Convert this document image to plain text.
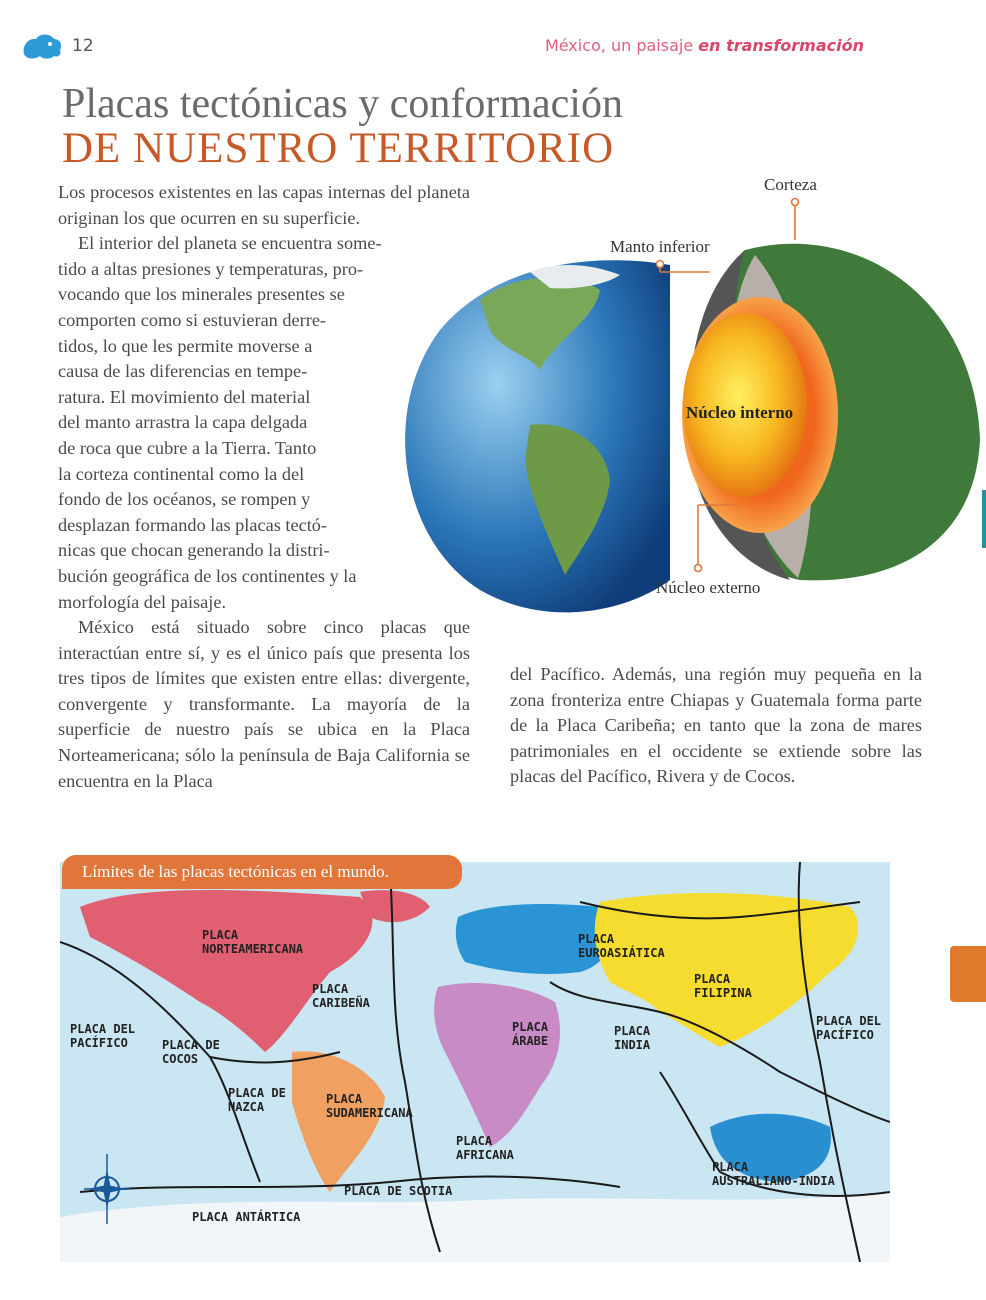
12	México, un paisaje en transformación
Placas tectónicas y conformación
DE NUESTRO TERRITORIO

Los procesos existentes en las capas internas del planeta originan los que ocurren en su superficie.

El interior del planeta se encuentra some-
tido a altas presiones y temperaturas, pro-
vocando que los minerales presentes se
comporten como si estuvieran derre-
tidos, lo que les permite moverse a
causa de las diferencias en tempe-
ratura. El movimiento del material
del manto arrastra la capa delgada
de roca que cubre a la Tierra. Tanto
la corteza continental como la del
fondo de los océanos, se rompen y
desplazan formando las placas tectó-
nicas que chocan generando la distri-
bución geográfica de los continentes y la
morfología del paisaje.

México está situado sobre cinco placas que interactúan entre sí, y es el único país que presenta los tres tipos de límites que existen entre ellas: divergente, convergente y transformante. La mayoría de la superficie de nuestro país se ubica en la Placa Norteamericana; sólo la península de Baja California se encuentra en la Placa

del Pacífico. Además, una región muy pequeña en la zona fronteriza entre Chiapas y Guatemala forma parte de la Placa Caribeña; en tanto que la zona de mares patrimoniales en el occidente se extiende sobre las placas del Pacífico, Rivera y de Cocos.

Corteza
Manto inferior
Núcleo interno
Núcleo externo
Límites de las placas tectónicas en el mundo.
PLACA
NORTEAMERICANA
PLACA
EUROASIÁTICA
PLACA
CARIBEÑA
PLACA
FILIPINA
PLACA DEL
PACÍFICO	PLACA DE
COCOS
PLACA
ÁRABE
PLACA
INDIA
PLACA DEL
PACÍFICO
PLACA DE
NAZCA
PLACA
SUDAMERICANA
PLACA
AFRICANA
PLACA DE SCOTIA
PLACA
AUSTRALIANO-INDIA
PLACA ANTÁRTICA
